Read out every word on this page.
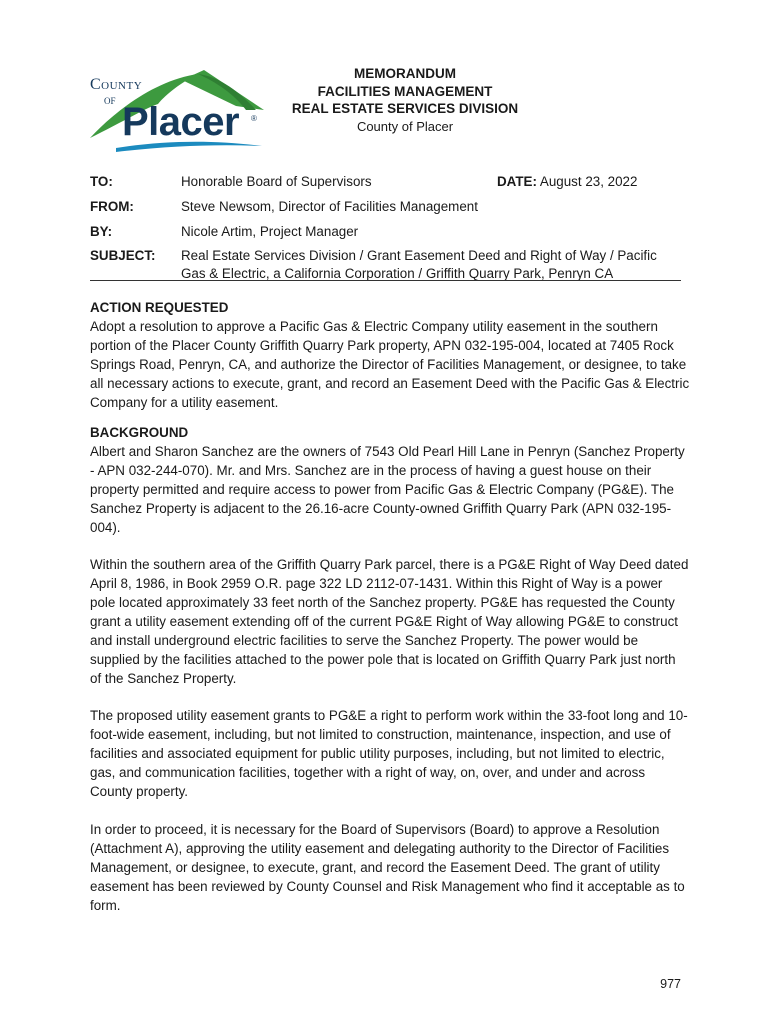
County

of

Placer ®
MEMORANDUM
FACILITIES MANAGEMENT
REAL ESTATE SERVICES DIVISION
County of Placer
TO:	Honorable Board of Supervisors	DATE: August 23, 2022
FROM:	Steve Newsom, Director of Facilities Management
BY:	Nicole Artim, Project Manager
SUBJECT:	Real Estate Services Division / Grant Easement Deed and Right of Way / Pacific
Gas & Electric, a California Corporation / Griffith Quarry Park, Penryn CA
ACTION REQUESTED
Adopt a resolution to approve a Pacific Gas & Electric Company utility easement in the southern portion of the Placer County Griffith Quarry Park property, APN 032-195-004, located at 7405 Rock Springs Road, Penryn, CA, and authorize the Director of Facilities Management, or designee, to take all necessary actions to execute, grant, and record an Easement Deed with the Pacific Gas & Electric Company for a utility easement.
BACKGROUND
Albert and Sharon Sanchez are the owners of 7543 Old Pearl Hill Lane in Penryn (Sanchez Property - APN 032-244-070). Mr. and Mrs. Sanchez are in the process of having a guest house on their property permitted and require access to power from Pacific Gas & Electric Company (PG&E). The Sanchez Property is adjacent to the 26.16-acre County-owned Griffith Quarry Park (APN 032-195-004).
Within the southern area of the Griffith Quarry Park parcel, there is a PG&E Right of Way Deed dated April 8, 1986, in Book 2959 O.R. page 322 LD 2112-07-1431. Within this Right of Way is a power pole located approximately 33 feet north of the Sanchez property. PG&E has requested the County grant a utility easement extending off of the current PG&E Right of Way allowing PG&E to construct and install underground electric facilities to serve the Sanchez Property. The power would be supplied by the facilities attached to the power pole that is located on Griffith Quarry Park just north of the Sanchez Property.
The proposed utility easement grants to PG&E a right to perform work within the 33-foot long and 10-foot-wide easement, including, but not limited to construction, maintenance, inspection, and use of facilities and associated equipment for public utility purposes, including, but not limited to electric, gas, and communication facilities, together with a right of way, on, over, and under and across County property.
In order to proceed, it is necessary for the Board of Supervisors (Board) to approve a Resolution (Attachment A), approving the utility easement and delegating authority to the Director of Facilities Management, or designee, to execute, grant, and record the Easement Deed. The grant of utility easement has been reviewed by County Counsel and Risk Management who find it acceptable as to form.
977
